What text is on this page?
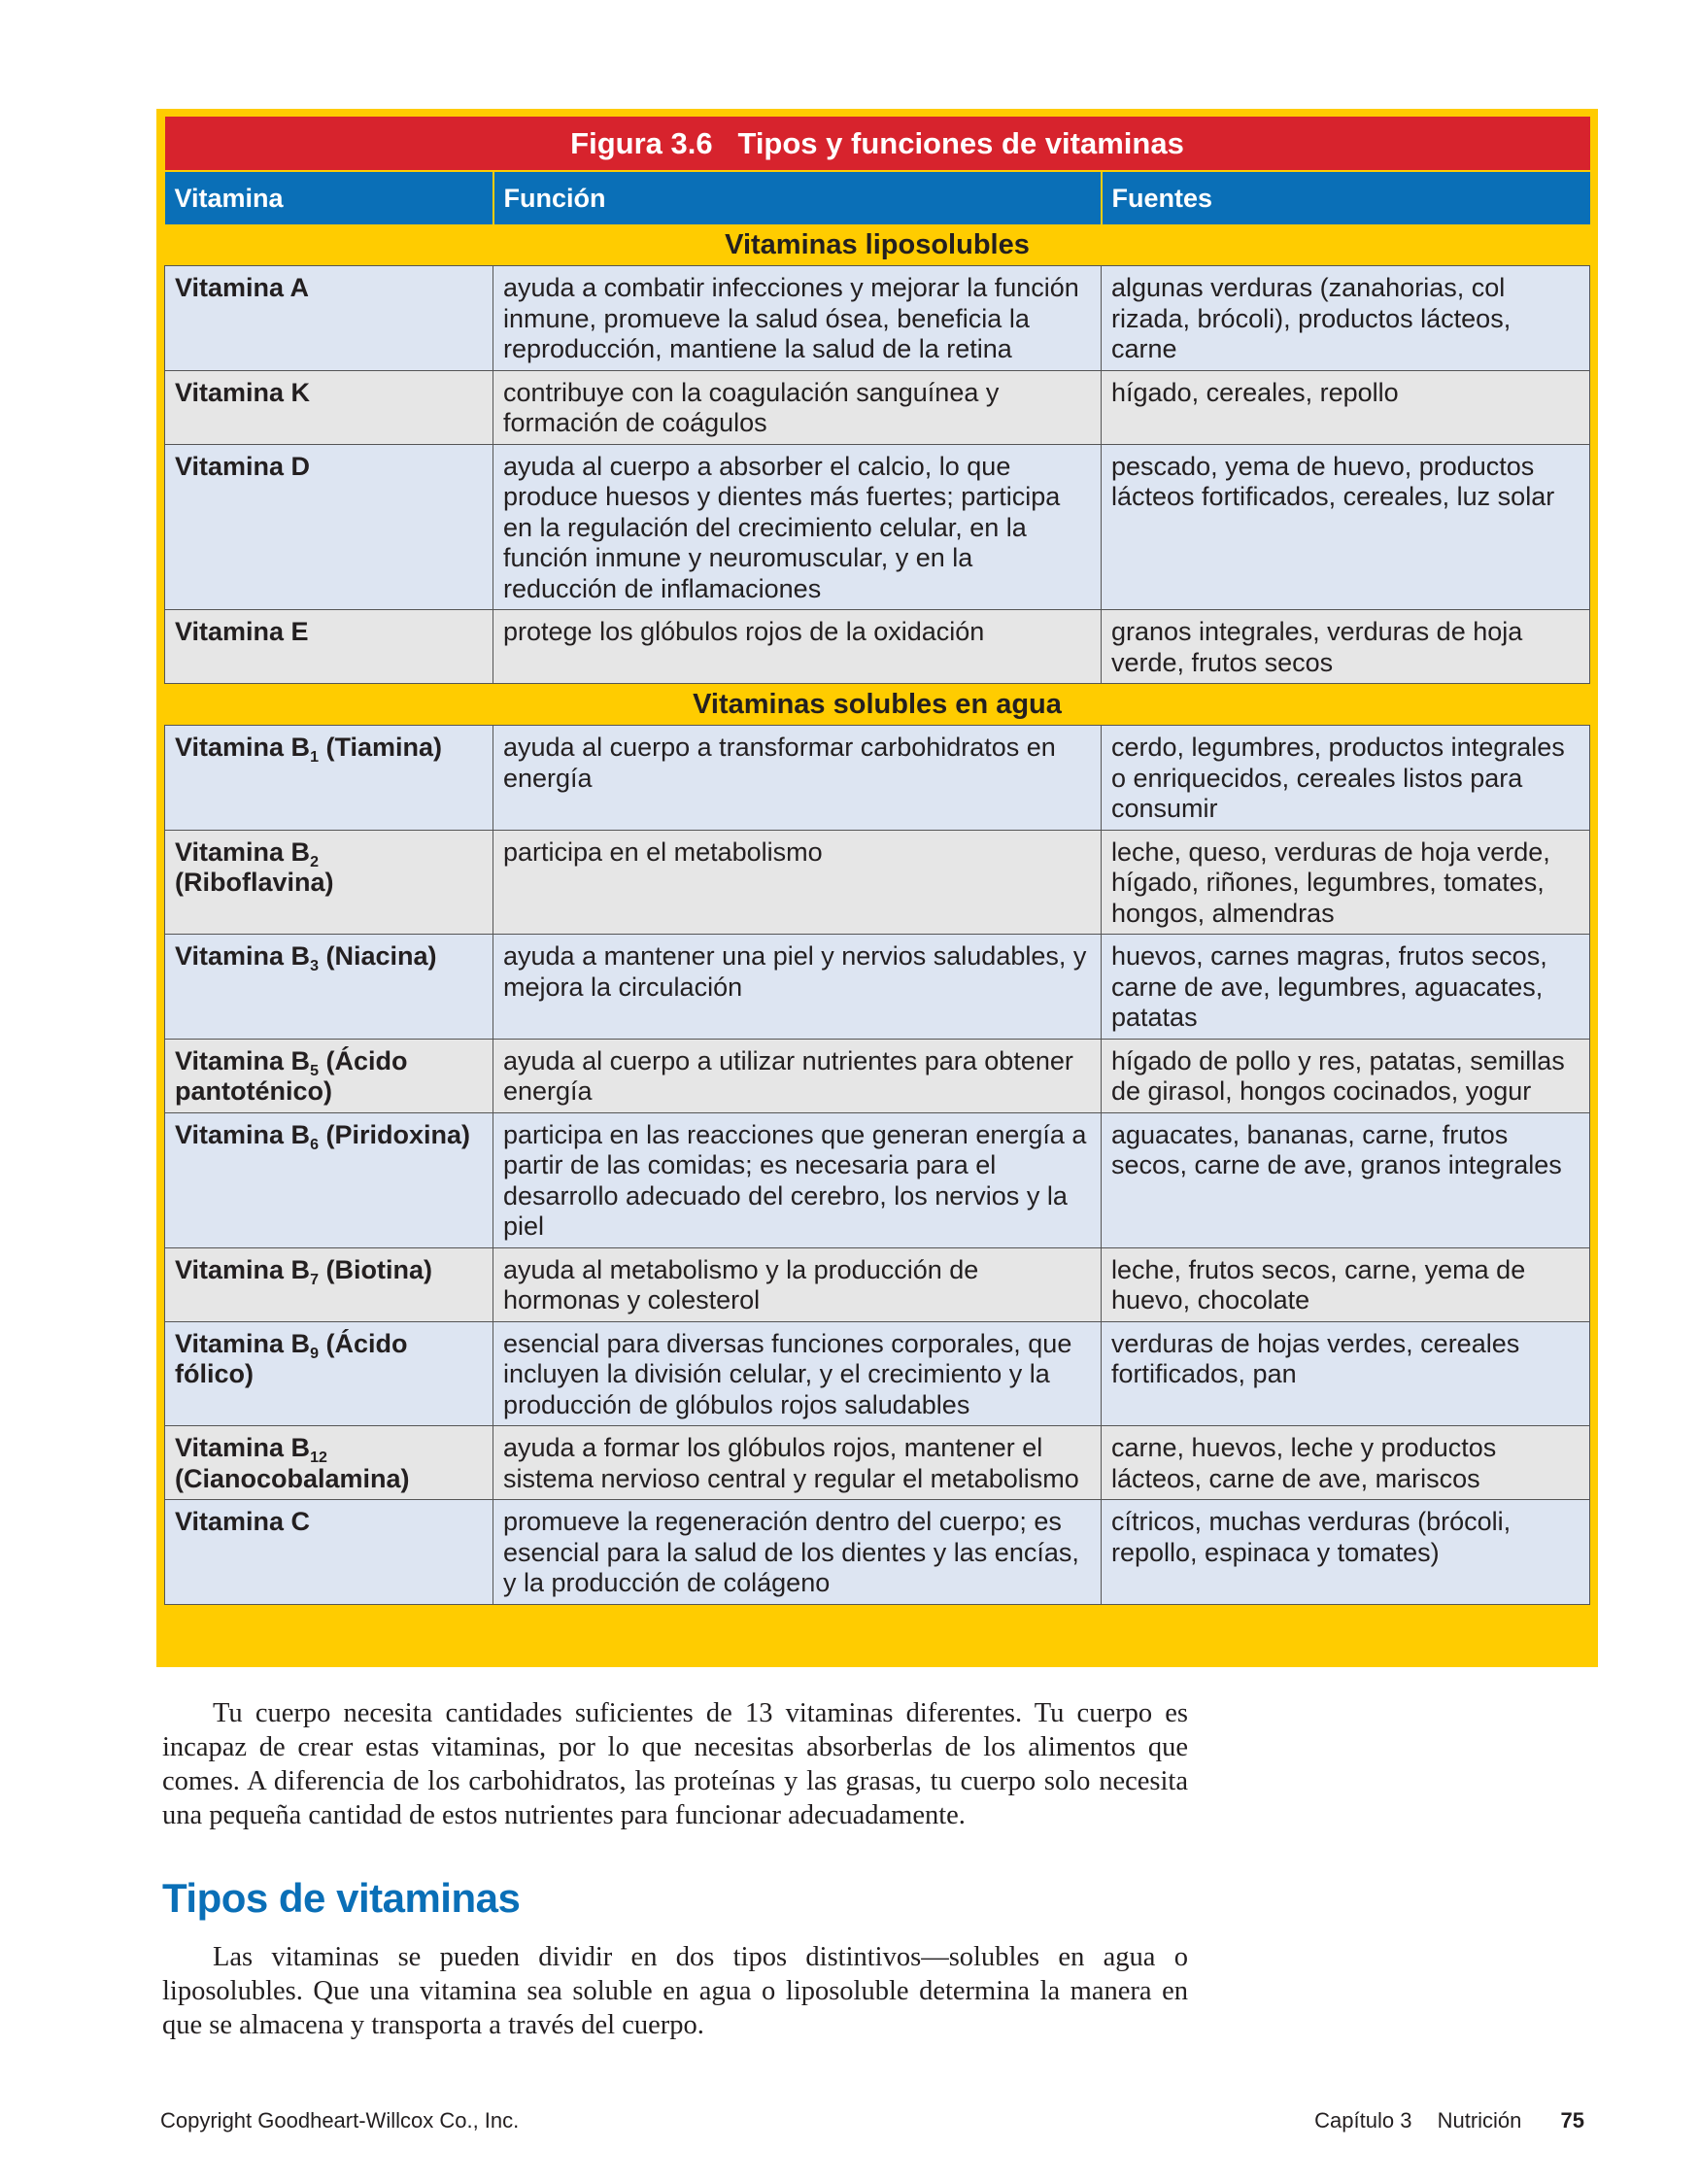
Figura 3.6   Tipos y funciones de vitaminas		
Vitamina	Función	Fuentes
Vitaminas liposolubles		
Vitamina A	ayuda a combatir infecciones y mejorar la función inmune, promueve la salud ósea, beneficia la reproducción, mantiene la salud de la retina	algunas verduras (zanahorias, col rizada, brócoli), productos lácteos, carne
Vitamina K	contribuye con la coagulación sanguínea y formación de coágulos	hígado, cereales, repollo
Vitamina D	ayuda al cuerpo a absorber el calcio, lo que produce huesos y dientes más fuertes; participa en la regulación del crecimiento celular, en la función inmune y neuromuscular, y en la reducción de inflamaciones	pescado, yema de huevo, productos lácteos fortificados, cereales, luz solar
Vitamina E	protege los glóbulos rojos de la oxidación	granos integrales, verduras de hoja verde, frutos secos
Vitaminas solubles en agua		
Vitamina $B_1$ (Tiamina)	ayuda al cuerpo a transformar carbohidratos en energía	cerdo, legumbres, productos integrales o enriquecidos, cereales listos para consumir
Vitamina $B_2$ (Riboflavina)	participa en el metabolismo	leche, queso, verduras de hoja verde, hígado, riñones, legumbres, tomates, hongos, almendras
Vitamina $B_3$ (Niacina)	ayuda a mantener una piel y nervios saludables, y mejora la circulación	huevos, carnes magras, frutos secos, carne de ave, legumbres, aguacates, patatas
Vitamina $B_5$ (Ácido pantoténico)	ayuda al cuerpo a utilizar nutrientes para obtener energía	hígado de pollo y res, patatas, semillas de girasol, hongos cocinados, yogur
Vitamina $B_6$ (Piridoxina)	participa en las reacciones que generan energía a partir de las comidas; es necesaria para el desarrollo adecuado del cerebro, los nervios y la piel	aguacates, bananas, carne, frutos secos, carne de ave, granos integrales
Vitamina $B_7$ (Biotina)	ayuda al metabolismo y la producción de hormonas y colesterol	leche, frutos secos, carne, yema de huevo, chocolate
Vitamina $B_9$ (Ácido fólico)	esencial para diversas funciones corporales, que incluyen la división celular, y el crecimiento y la producción de glóbulos rojos saludables	verduras de hojas verdes, cereales fortificados, pan
Vitamina $B_{12}$ (Cianocobalamina)	ayuda a formar los glóbulos rojos, mantener el sistema nervioso central y regular el metabolismo	carne, huevos, leche y productos lácteos, carne de ave, mariscos
Vitamina C	promueve la regeneración dentro del cuerpo; es esencial para la salud de los dientes y las encías, y la producción de colágeno	cítricos, muchas verduras (brócoli, repollo, espinaca y tomates)

Tu cuerpo necesita cantidades suficientes de 13 vitaminas diferentes. Tu cuerpo es incapaz de crear estas vitaminas, por lo que necesitas absorberlas de los alimentos que comes. A diferencia de los carbohidratos, las proteínas y las grasas, tu cuerpo solo necesita una pequeña cantidad de estos nutrientes para funcionar adecuadamente.

Tipos de vitaminas

Las vitaminas se pueden dividir en dos tipos distintivos—solubles en agua o liposolubles. Que una vitamina sea soluble en agua o liposoluble determina la manera en que se almacena y transporta a través del cuerpo.

Copyright Goodheart-Willcox Co., Inc.	Capítulo 3 Nutrición 75
